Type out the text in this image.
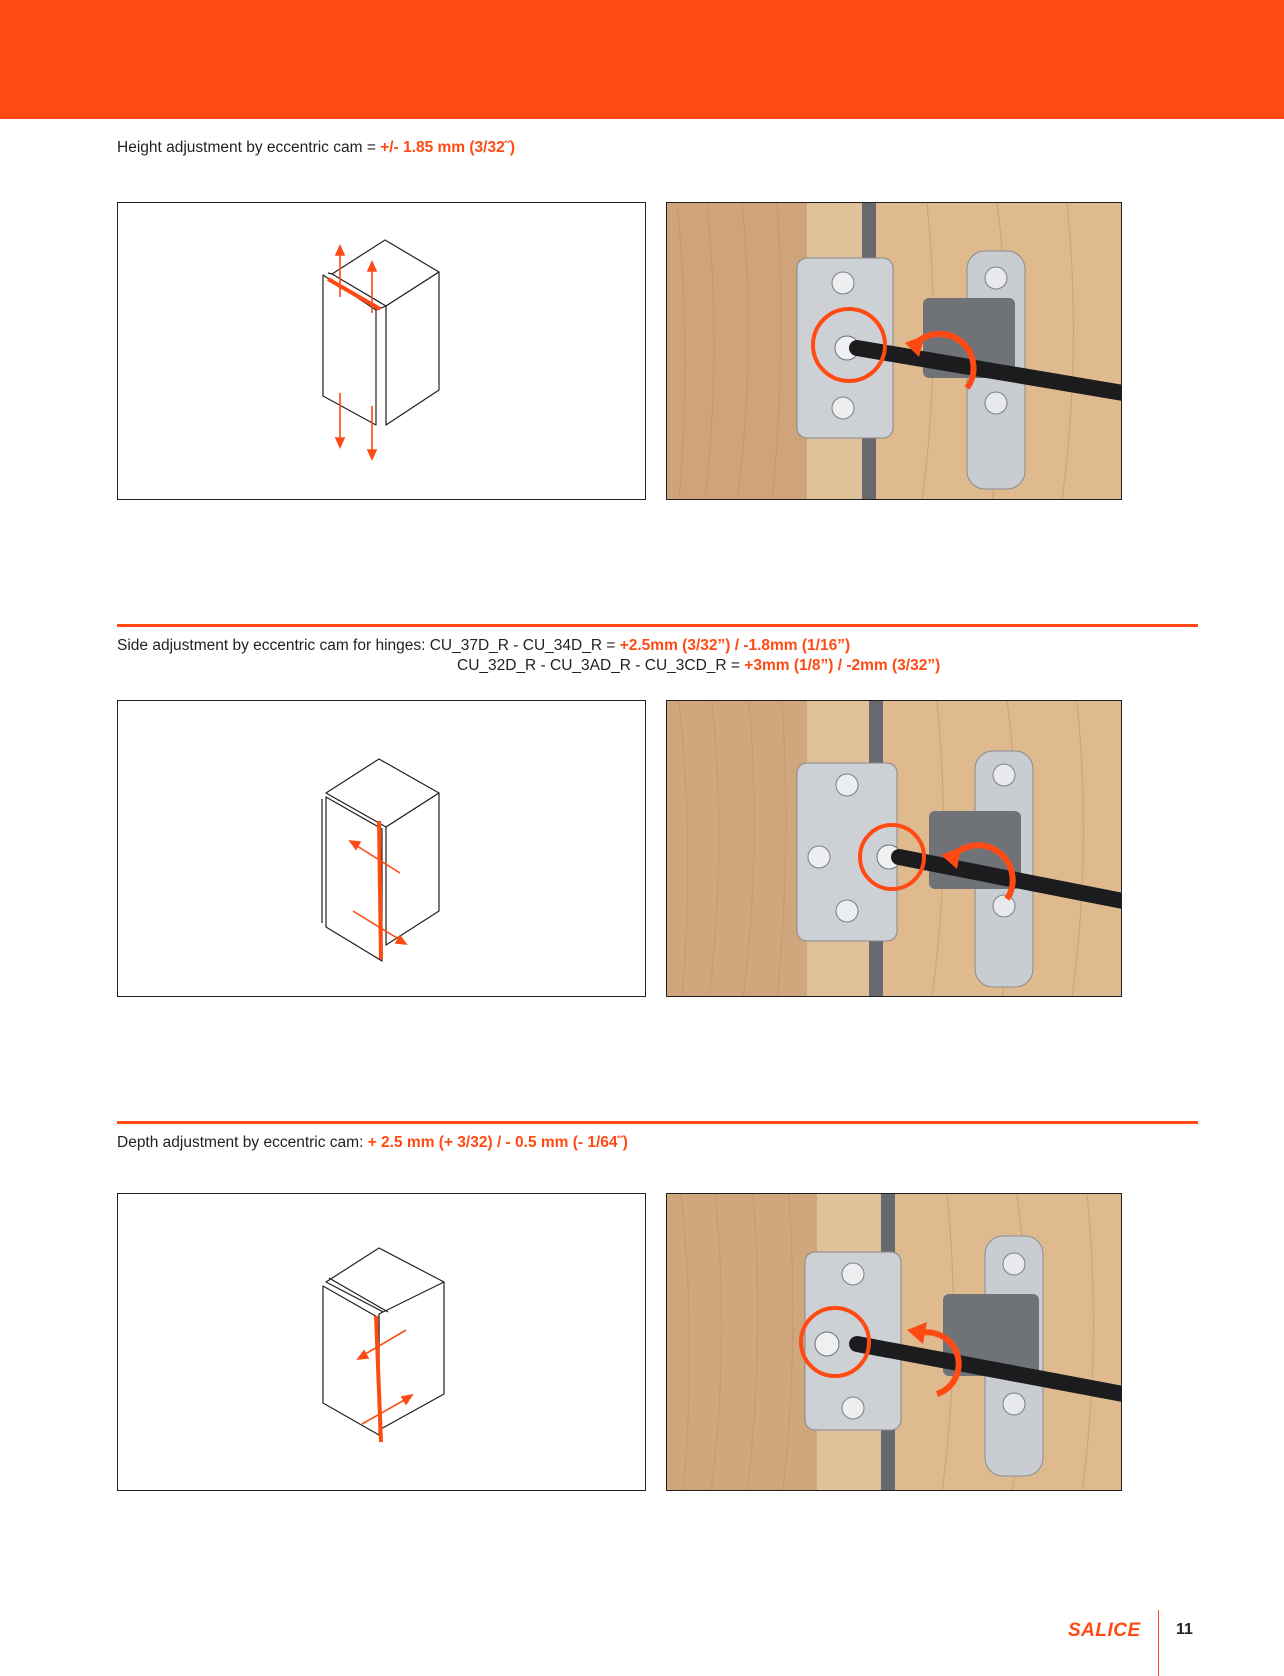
Height adjustment by eccentric cam = +/- 1.85 mm (3/32˝)
Side adjustment by eccentric cam for hinges: CU_37D_R - CU_34D_R = +2.5mm (3/32”) / -1.8mm (1/16”)
CU_32D_R - CU_3AD_R - CU_3CD_R = +3mm (1/8”) / -2mm (3/32”)
Depth adjustment by eccentric cam: + 2.5 mm (+ 3/32) / - 0.5 mm (- 1/64˝)
SALICE 11
